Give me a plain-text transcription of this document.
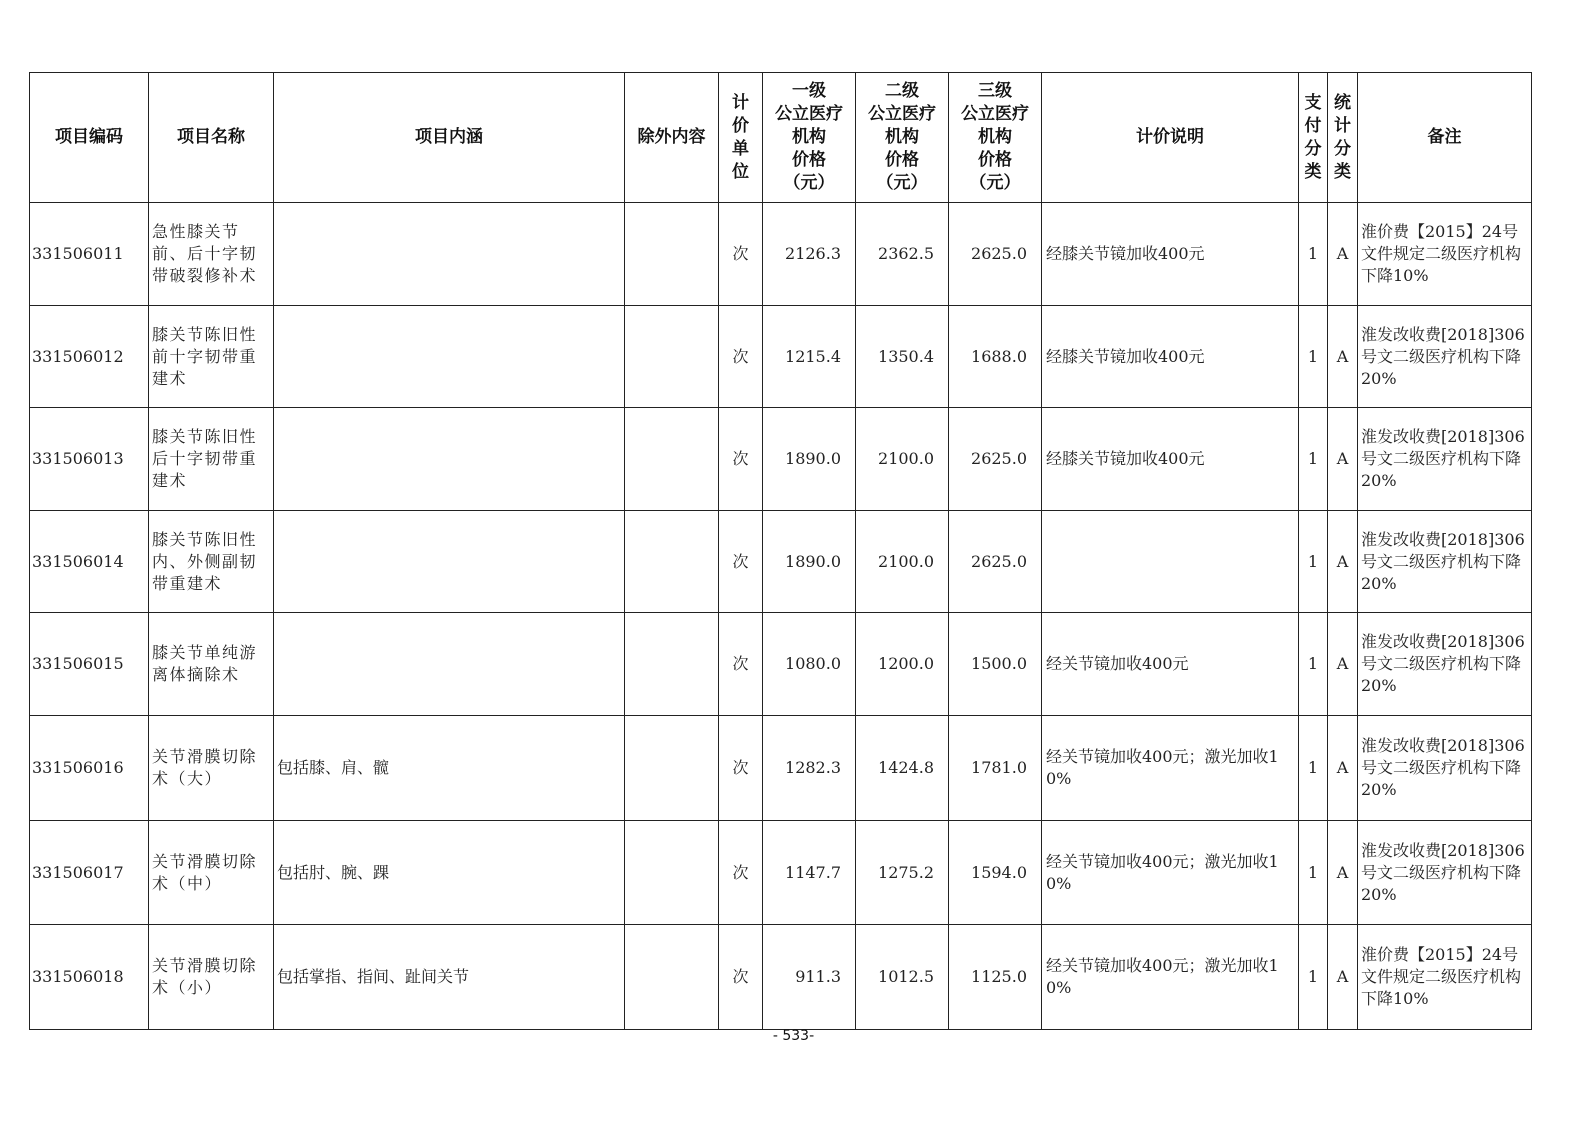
项目编码	项目名称	项目内涵	除外内容	计
价
单
位	一级
公立医疗
机构
价格
（元）	二级
公立医疗
机构
价格
（元）	三级
公立医疗
机构
价格
（元）	计价说明	支
付
分
类	统
计
分
类	备注
331506011	急性膝关节前、后十字韧带破裂修补术			次	2126.3	2362.5	2625.0	经膝关节镜加收400元	1	A	淮价费【2015】24号文件规定二级医疗机构下降10%
331506012	膝关节陈旧性前十字韧带重建术			次	1215.4	1350.4	1688.0	经膝关节镜加收400元	1	A	淮发改收费[2018]306号文二级医疗机构下降20%
331506013	膝关节陈旧性后十字韧带重建术			次	1890.0	2100.0	2625.0	经膝关节镜加收400元	1	A	淮发改收费[2018]306号文二级医疗机构下降20%
331506014	膝关节陈旧性内、外侧副韧带重建术			次	1890.0	2100.0	2625.0		1	A	淮发改收费[2018]306号文二级医疗机构下降20%
331506015	膝关节单纯游离体摘除术			次	1080.0	1200.0	1500.0	经关节镜加收400元	1	A	淮发改收费[2018]306号文二级医疗机构下降20%
331506016	关节滑膜切除术（大）	包括膝、肩、髋		次	1282.3	1424.8	1781.0	经关节镜加收400元；激光加收10%	1	A	淮发改收费[2018]306号文二级医疗机构下降20%
331506017	关节滑膜切除术（中）	包括肘、腕、踝		次	1147.7	1275.2	1594.0	经关节镜加收400元；激光加收10%	1	A	淮发改收费[2018]306号文二级医疗机构下降20%
331506018	关节滑膜切除术（小）	包括掌指、指间、趾间关节		次	911.3	1012.5	1125.0	经关节镜加收400元；激光加收10%	1	A	淮价费【2015】24号文件规定二级医疗机构下降10%
- 533-
